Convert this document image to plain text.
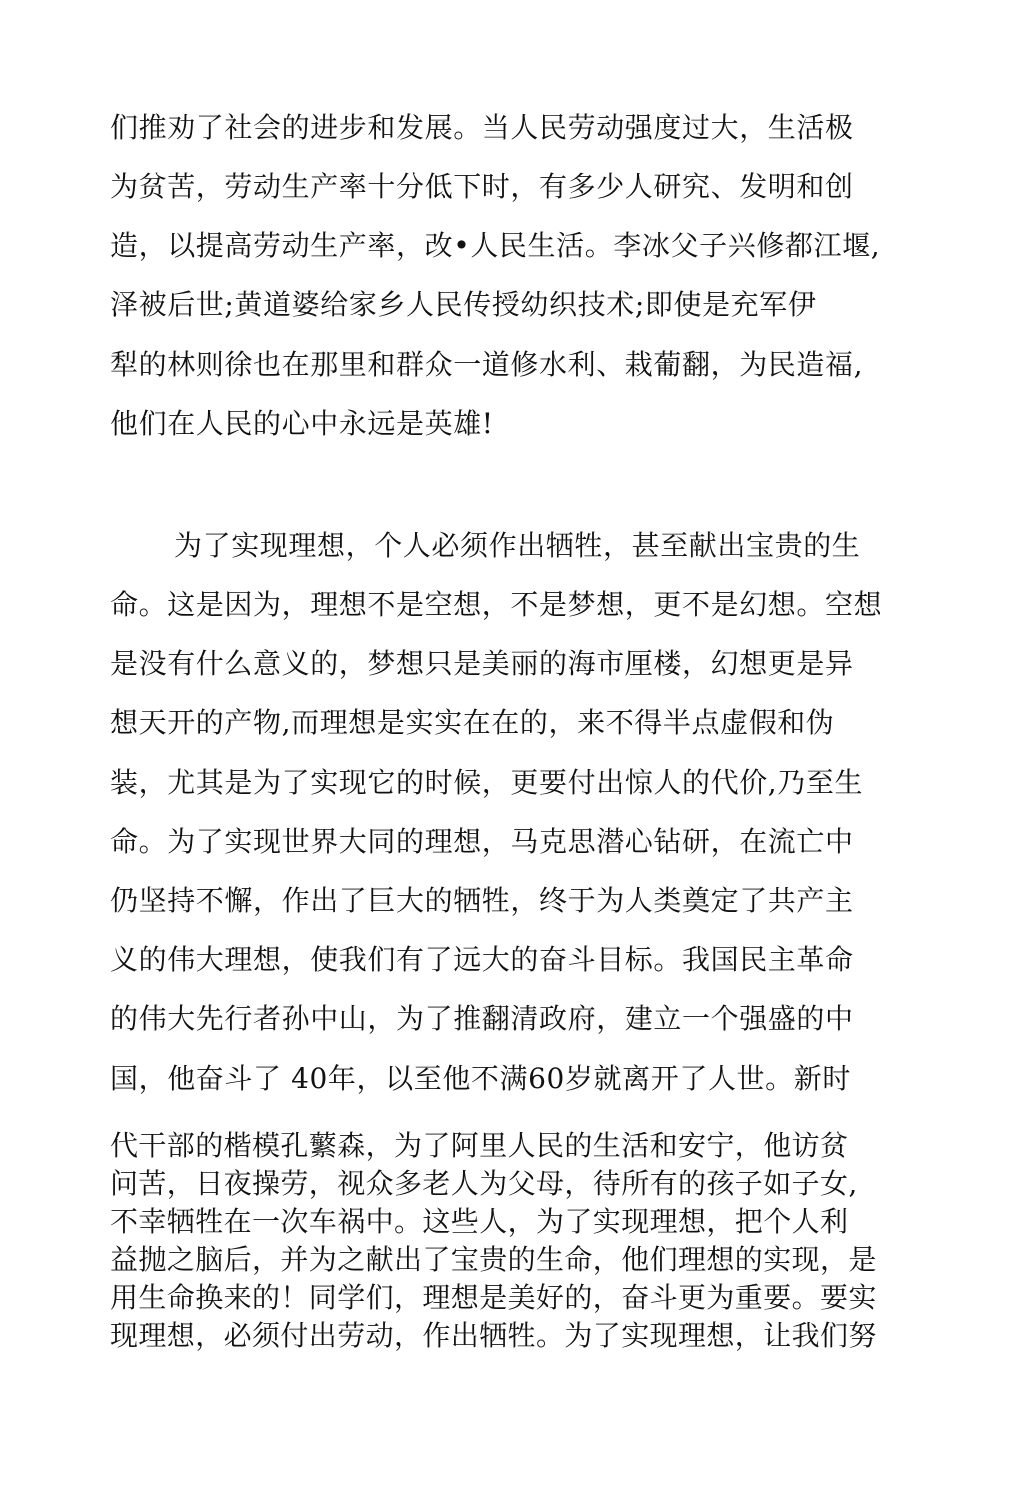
们推劝了社会的进步和发展。当人民劳动强度过大，生活极
为贫苦，劳动生产率十分低下时，有多少人研究、发明和创
造，以提高劳动生产率，改•人民生活。李冰父子兴修都江堰,
泽被后世;黄道婆给家乡人民传授幼织技术;即使是充军伊
犁的林则徐也在那里和群众一道修水利、栽葡翻，为民造福,
他们在人民的心中永远是英雄!
为了实现理想，个人必须作出牺牲，甚至献出宝贵的生
命。这是因为，理想不是空想，不是梦想，更不是幻想。空想
是没有什么意义的，梦想只是美丽的海市厘楼，幻想更是异
想天开的产物,而理想是实实在在的，来不得半点虚假和伪
装，尤其是为了实现它的时候，更要付出惊人的代价,乃至生
命。为了实现世界大同的理想，马克思潜心钻研，在流亡中
仍坚持不懈，作出了巨大的牺牲，终于为人类奠定了共产主
义的伟大理想，使我们有了远大的奋斗目标。我国民主革命
的伟大先行者孙中山，为了推翻清政府，建立一个强盛的中
国，他奋斗了 40年，以至他不满60岁就离开了人世。新时
代干部的楷模孔蘩森，为了阿里人民的生活和安宁，他访贫
问苦，日夜操劳，视众多老人为父母，待所有的孩子如子女,
不幸牺牲在一次车祸中。这些人，为了实现理想，把个人利
益抛之脑后，并为之献出了宝贵的生命，他们理想的实现，是
用生命换来的！同学们，理想是美好的，奋斗更为重要。要实
现理想，必须付出劳动，作出牺牲。为了实现理想，让我们努
